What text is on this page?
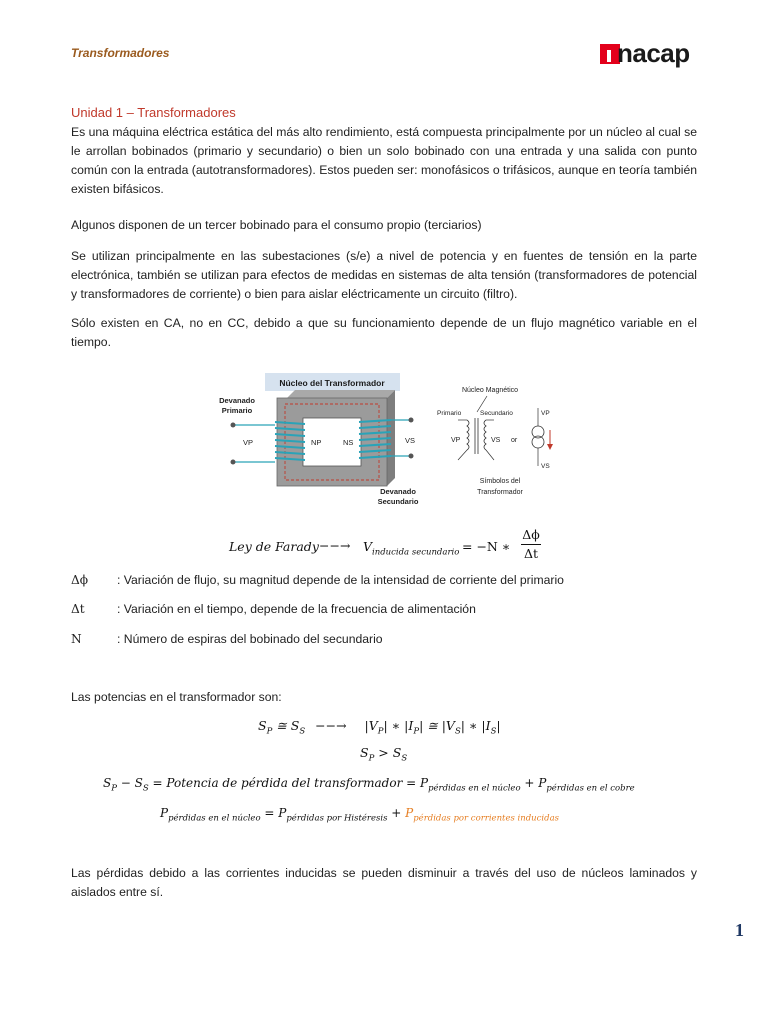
Transformadores	nacap
Unidad 1 – Transformadores
Es una máquina eléctrica estática del más alto rendimiento, está compuesta principalmente por un núcleo al cual se le arrollan bobinados (primario y secundario) o bien un solo bobinado con una entrada y una salida con punto común con la entrada (autotransformadores). Estos pueden ser: monofásicos o trifásicos, aunque en teoría también existen bifásicos.
Algunos disponen de un tercer bobinado para el consumo propio (terciarios)
Se utilizan principalmente en las subestaciones (s/e) a nivel de potencia y en fuentes de tensión en la parte electrónica, también se utilizan para efectos de medidas en sistemas de alta tensión (transformadores de potencial y transformadores de corriente) o bien para aislar eléctricamente un circuito (filtro).
Sólo existen en CA, no en CC, debido a que su funcionamiento depende de un flujo magnético variable en el tiempo.
Núcleo del Transformador
Devanado
Primario
VP	NP	NS	VS
Devanado
Secundario
Núcleo Magnético
Primario	Secundario
VP	VS or
VP
VS
Símbolos del
Transformador
Ley de Farady −−→ $V_{inducida secundario} = -N$ ∗
Δϕ
Δt
Δϕ : Variación de flujo, su magnitud depende de la intensidad de corriente del primario
Δt	: Variación en el tiempo, depende de la frecuencia de alimentación
N	: Número de espiras del bobinado del secundario
Las potencias en el transformador son:
$S_P$ ≅ $S_S$ −−→ $|V_P|$ ∗ $|I_P|$ ≅ $|V_S|$ ∗ $|I_S|$
$S_P > S_S$
$S_P - S_S$ = Potencia de pérdida del transformador = $P_{pérdidas en el núcleo} + P_{pérdidas en el cobre}$
$P_{pérdidas en el núcleo} = P_{pérdidas por Histéresis} + P_{pérdidas por corrientes inducidas}$
Las pérdidas debido a las corrientes inducidas se pueden disminuir a través del uso de núcleos laminados y aislados entre sí.
1
